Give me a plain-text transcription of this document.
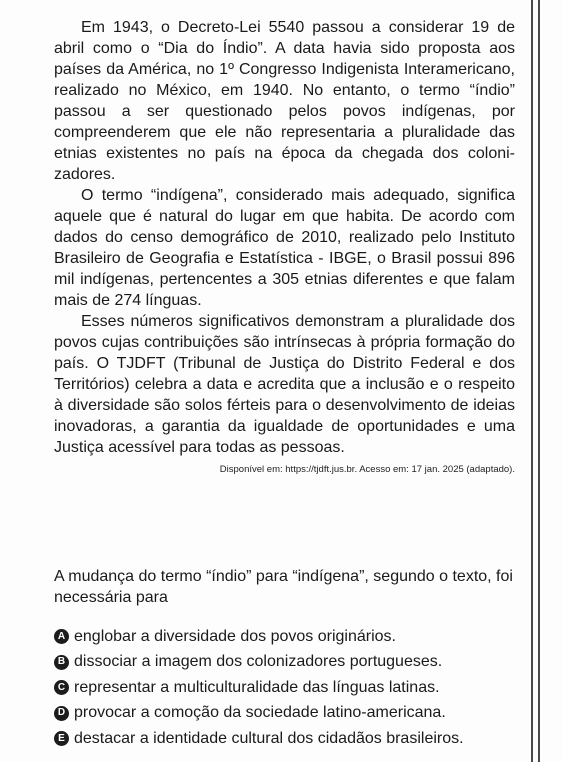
Em 1943, o Decreto-Lei 5540 passou a considerar 19 de abril como o “Dia do Índio”. A data havia sido proposta aos países da América, no 1º Congresso Indigenista Interamericano, realizado no México, em 1940. No entanto, o termo “índio” passou a ser questionado pelos povos indígenas, por compreenderem que ele não representaria a pluralidade das etnias existentes no país na época da chegada dos colonizadores.

O termo “indígena”, considerado mais adequado, significa aquele que é natural do lugar em que habita. De acordo com dados do censo demográfico de 2010, realizado pelo Instituto Brasileiro de Geografia e Estatística - IBGE, o Brasil possui 896 mil indígenas, pertencentes a 305 etnias diferentes e que falam mais de 274 línguas.

Esses números significativos demonstram a pluralidade dos povos cujas contribuições são intrínsecas à própria formação do país. O TJDFT (Tribunal de Justiça do Distrito Federal e dos Territórios) celebra a data e acredita que a inclusão e o respeito à diversidade são solos férteis para o desenvolvimento de ideias inovadoras, a garantia da igualdade de oportunidades e uma Justiça acessível para todas as pessoas.

Disponível em: https://tjdft.jus.br. Acesso em: 17 jan. 2025 (adaptado).

A mudança do termo “índio” para “indígena”, segundo o texto, foi necessária para

A englobar a diversidade dos povos originários.
B dissociar a imagem dos colonizadores portugueses.
C representar a multiculturalidade das línguas latinas.
D provocar a comoção da sociedade latino-americana.
E destacar a identidade cultural dos cidadãos brasileiros.
